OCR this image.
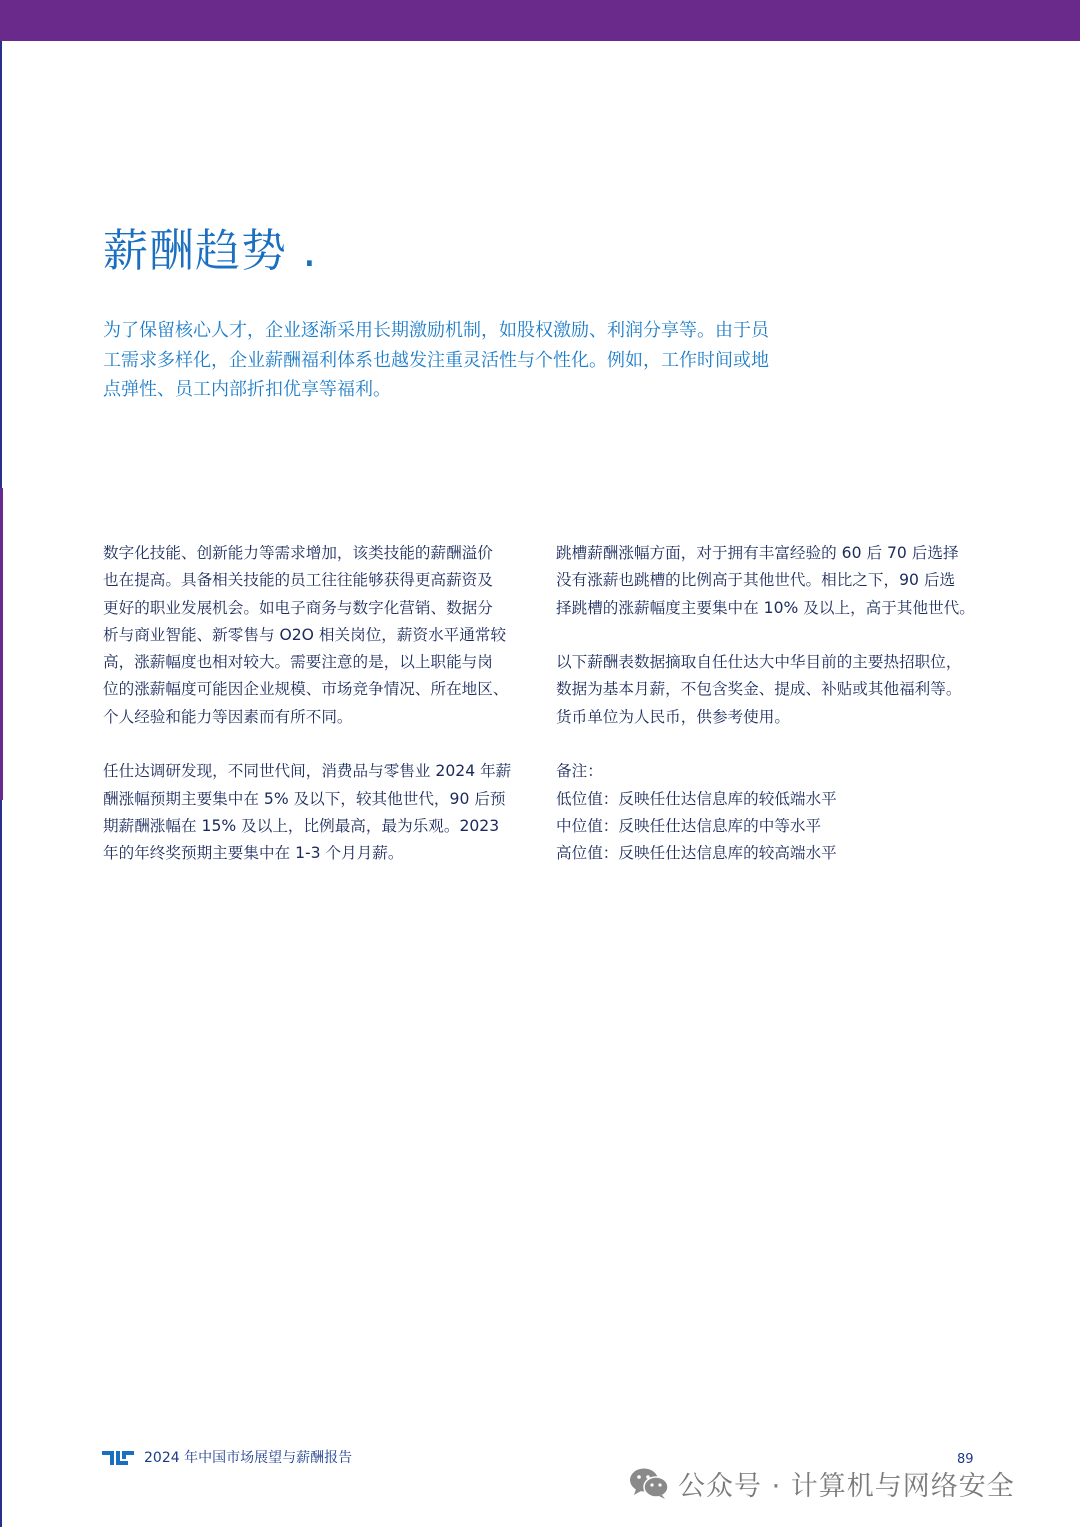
薪酬趋势 .
为了保留核心人才，企业逐渐采用长期激励机制，如股权激励、利润分享等。由于员
工需求多样化，企业薪酬福利体系也越发注重灵活性与个性化。例如，工作时间或地
点弹性、员工内部折扣优享等福利。

数字化技能、创新能力等需求增加，该类技能的薪酬溢价
也在提高。具备相关技能的员工往往能够获得更高薪资及
更好的职业发展机会。如电子商务与数字化营销、数据分
析与商业智能、新零售与 O2O 相关岗位，薪资水平通常较
高，涨薪幅度也相对较大。需要注意的是，以上职能与岗
位的涨薪幅度可能因企业规模、市场竞争情况、所在地区、
个人经验和能力等因素而有所不同。

任仕达调研发现，不同世代间，消费品与零售业 2024 年薪
酬涨幅预期主要集中在 5% 及以下，较其他世代，90 后预
期薪酬涨幅在 15% 及以上，比例最高，最为乐观。2023
年的年终奖预期主要集中在 1-3 个月月薪。

跳槽薪酬涨幅方面，对于拥有丰富经验的 60 后 70 后选择
没有涨薪也跳槽的比例高于其他世代。相比之下，90 后选
择跳槽的涨薪幅度主要集中在 10% 及以上，高于其他世代。

以下薪酬表数据摘取自任仕达大中华目前的主要热招职位，
数据为基本月薪，不包含奖金、提成、补贴或其他福利等。
货币单位为人民币，供参考使用。

备注：
低位值：反映任仕达信息库的较低端水平
中位值：反映任仕达信息库的中等水平
高位值：反映任仕达信息库的较高端水平

2024 年中国市场展望与薪酬报告	89
公众号 · 计算机与网络安全
